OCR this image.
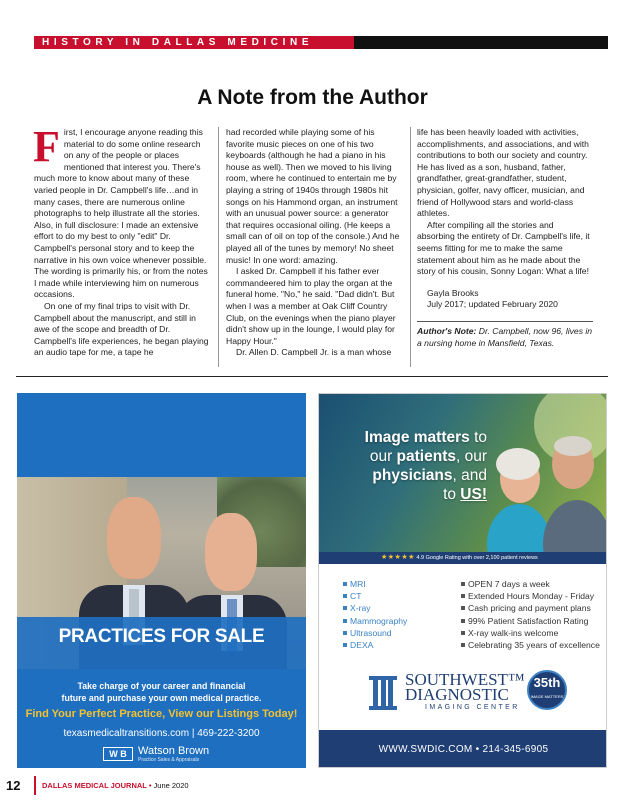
HISTORY IN DALLAS MEDICINE
A Note from the Author

First, I encourage anyone reading this material to do some online research on any of the people or places mentioned that interest you. There's much more to know about many of these varied people in Dr. Campbell's life…and in many cases, there are numerous online photographs to help illustrate all the stories. Also, in full disclosure: I made an extensive effort to do my best to only "edit" Dr. Campbell's personal story and to keep the narrative in his own voice whenever possible. The wording is primarily his, or from the notes I made while interviewing him on numerous occasions.

On one of my final trips to visit with Dr. Campbell about the manuscript, and still in awe of the scope and breadth of Dr. Campbell's life experiences, he began playing an audio tape for me, a tape he

had recorded while playing some of his favorite music pieces on one of his two keyboards (although he had a piano in his house as well). Then we moved to his living room, where he continued to entertain me by playing a string of 1940s through 1980s hit songs on his Hammond organ, an instrument with an unusual power source: a generator that requires occasional oiling. (He keeps a small can of oil on top of the console.) And he played all of the tunes by memory! No sheet music! In one word: amazing.

I asked Dr. Campbell if his father ever commandeered him to play the organ at the funeral home. "No," he said. "Dad didn't. But when I was a member at Oak Cliff Country Club, on the evenings when the piano player didn't show up in the lounge, I would play for Happy Hour."

Dr. Allen D. Campbell Jr. is a man whose

life has been heavily loaded with activities, accomplishments, and associations, and with contributions to both our society and country. He has lived as a son, husband, father, grandfather, great-grandfather, student, physician, golfer, navy officer, musician, and friend of Hollywood stars and world-class athletes.

After compiling all the stories and absorbing the entirety of Dr. Campbell's life, it seems fitting for me to make the same statement about him as he made about the story of his cousin, Sonny Logan: What a life!

Gayla Brooks
July 2017; updated February 2020

Author's Note: Dr. Campbell, now 96, lives in a nursing home in Mansfield, Texas.

PRACTICES FOR SALE
Take charge of your career and financial
future and purchase your own medical practice.
Find Your Perfect Practice, View our Listings Today!
texasmedicaltransitions.com | 469-222-3200
W B	Watson Brown
Practice Sales & Appraisals
Image matters to
our patients, our
physicians, and
to US!
★★★★★ 4.9 Google Rating with over 2,100 patient reviews
MRI
CT
X-ray
Mammography
Ultrasound
DEXA
OPEN 7 days a week
Extended Hours Monday - Friday
Cash pricing and payment plans
99% Patient Satisfaction Rating
X-ray walk-ins welcome
Celebrating 35 years of excellence
SOUTHWEST™
DIAGNOSTIC
IMAGING CENTER
35th
IMAGE MATTERS
WWW.SWDIC.COM • 214-345-6905
12	DALLAS MEDICAL JOURNAL • June 2020
